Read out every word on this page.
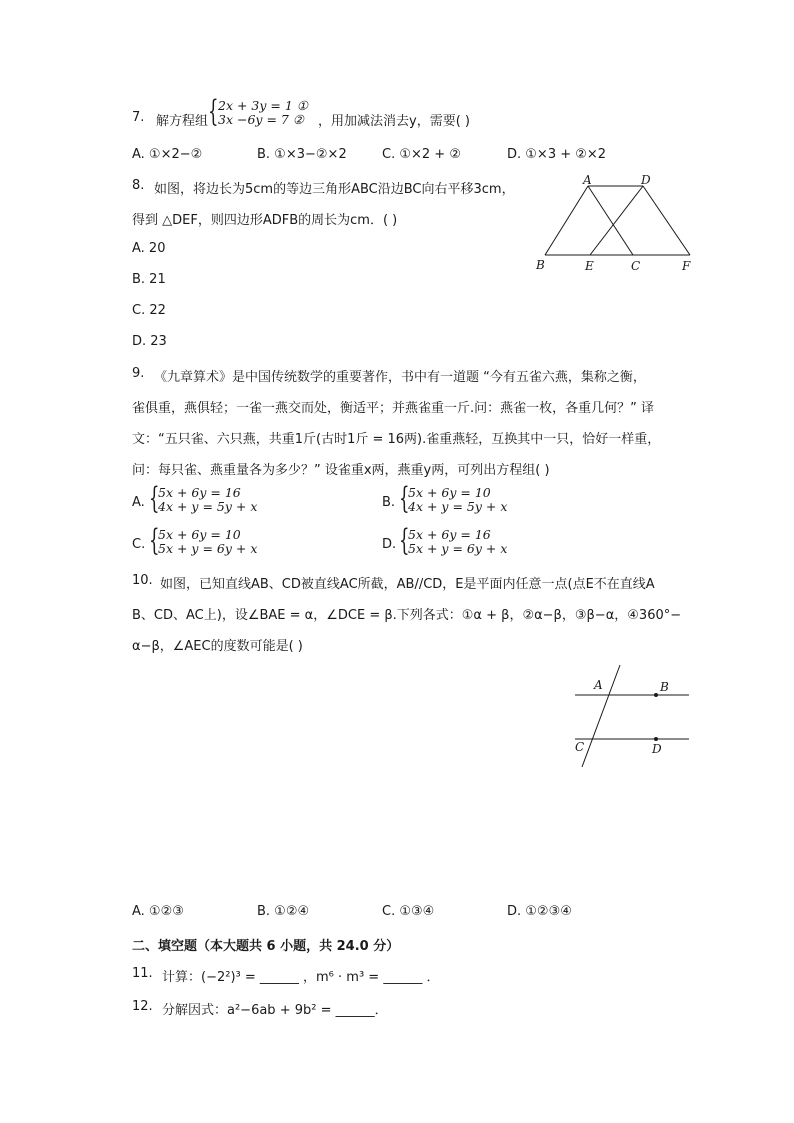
7. 解方程组 { 2x + 3y = 1 ①
3x −6y = 7 ②	，用加减法消去y，需要( )
A. ①×2−②	B. ①×3−②×2	C. ①×2 + ②	D. ①×3 + ②×2
8. 如图，将边长为5cm的等边三角形ABC沿边BC向右平移3cm，
得到 △DEF，则四边形ADFB的周长为cm．( )
A. 20
B. 21
C. 22
D. 23
A	D
B	E	C	F
9. 《九章算术》是中国传统数学的重要著作，书中有一道题 “今有五雀六燕，集称之衡，
雀俱重，燕俱轻；一雀一燕交而处，衡适平；并燕雀重一斤.问：燕雀一枚，各重几何？” 译
文：“五只雀、六只燕，共重1斤(古时1斤 = 16两).雀重燕轻，互换其中一只，恰好一样重，
问：每只雀、燕重量各为多少？” 设雀重x两，燕重y两，可列出方程组( )
A. {
5x + 6y = 16
4x + y = 5y + x	B. {
5x + 6y = 10
4x + y = 5y + x
C. {
5x + 6y = 10
5x + y = 6y + x	D. {
5x + 6y = 16
5x + y = 6y + x
10. 如图，已知直线AB、CD被直线AC所截，AB//CD，E是平面内任意一点(点E不在直线A
B、CD、AC上)，设∠BAE = α，∠DCE = β.下列各式：①α + β，②α−β，③β−α，④360°−
α−β，∠AEC的度数可能是( )
A	B
C	D
A. ①②③	B. ①②④	C. ①③④	D. ①②③④
二、填空题（本大题共 6 小题，共 24.0 分）
11. 计算：(−2²)³ = ______ ，m⁶ · m³ = ______ ．
12. 分解因式：a²−6ab + 9b² = ______．
